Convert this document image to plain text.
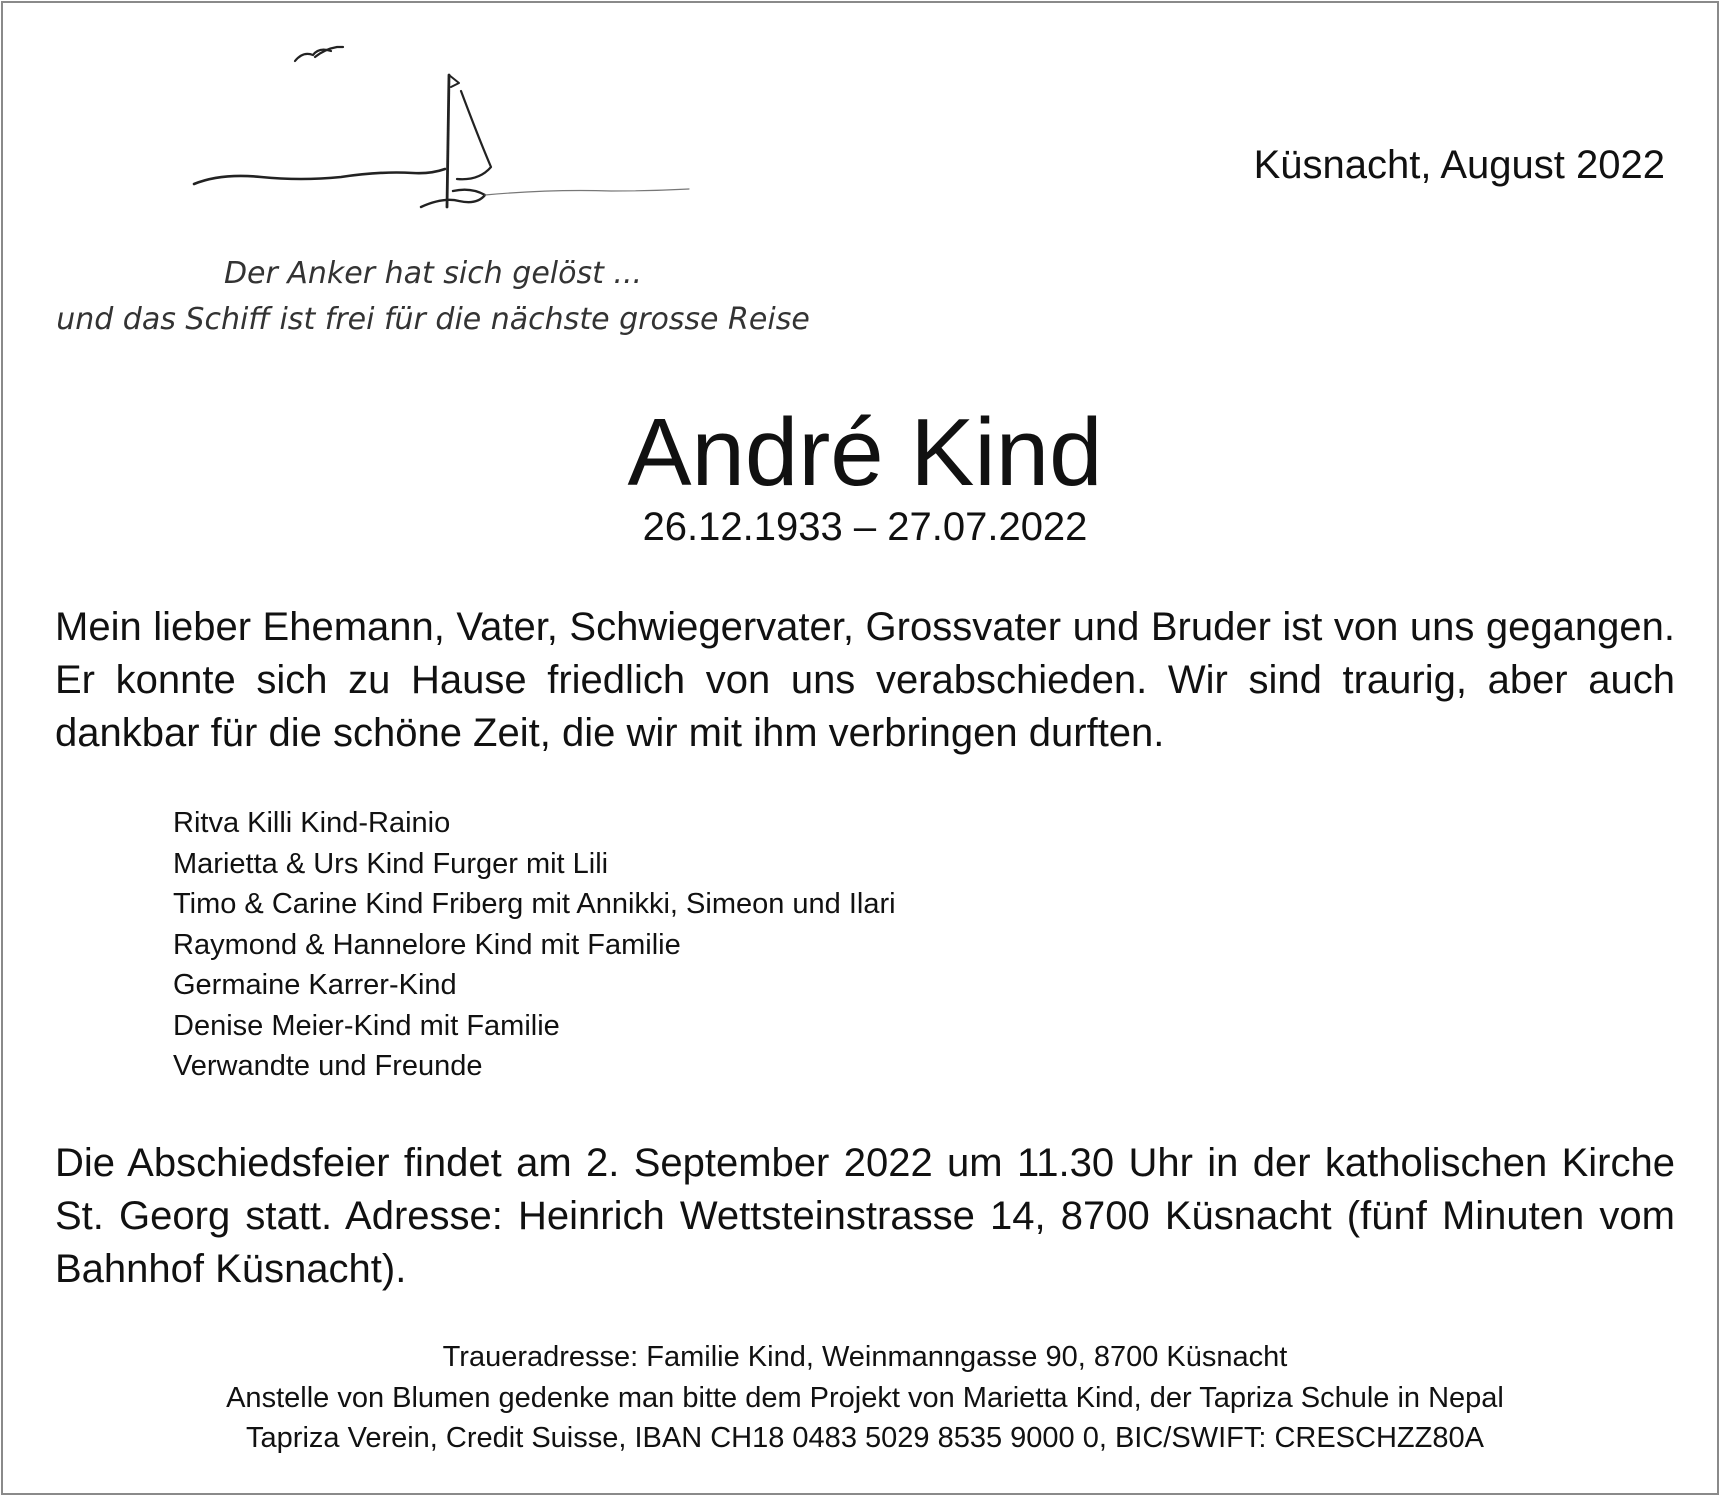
Küsnacht, August 2022
Der Anker hat sich gelöst ...
und das Schiff ist frei für die nächste grosse Reise
André Kind
26.12.1933 – 27.07.2022

Mein lieber Ehemann, Vater, Schwiegervater, Grossvater und Bruder ist von uns gegangen. Er konnte sich zu Hause friedlich von uns verabschieden. Wir sind traurig, aber auch dankbar für die schöne Zeit, die wir mit ihm verbringen durften.

Ritva Killi Kind-Rainio
Marietta & Urs Kind Furger mit Lili
Timo & Carine Kind Friberg mit Annikki, Simeon und Ilari
Raymond & Hannelore Kind mit Familie
Germaine Karrer-Kind
Denise Meier-Kind mit Familie
Verwandte und Freunde

Die Abschiedsfeier findet am 2. September 2022 um 11.30 Uhr in der katholischen Kirche St. Georg statt. Adresse: Heinrich Wettsteinstrasse 14, 8700 Küsnacht (fünf Minuten vom Bahnhof Küsnacht).

Traueradresse: Familie Kind, Weinmanngasse 90, 8700 Küsnacht
Anstelle von Blumen gedenke man bitte dem Projekt von Marietta Kind, der Tapriza Schule in Nepal
Tapriza Verein, Credit Suisse, IBAN CH18 0483 5029 8535 9000 0, BIC/SWIFT: CRESCHZZ80A
